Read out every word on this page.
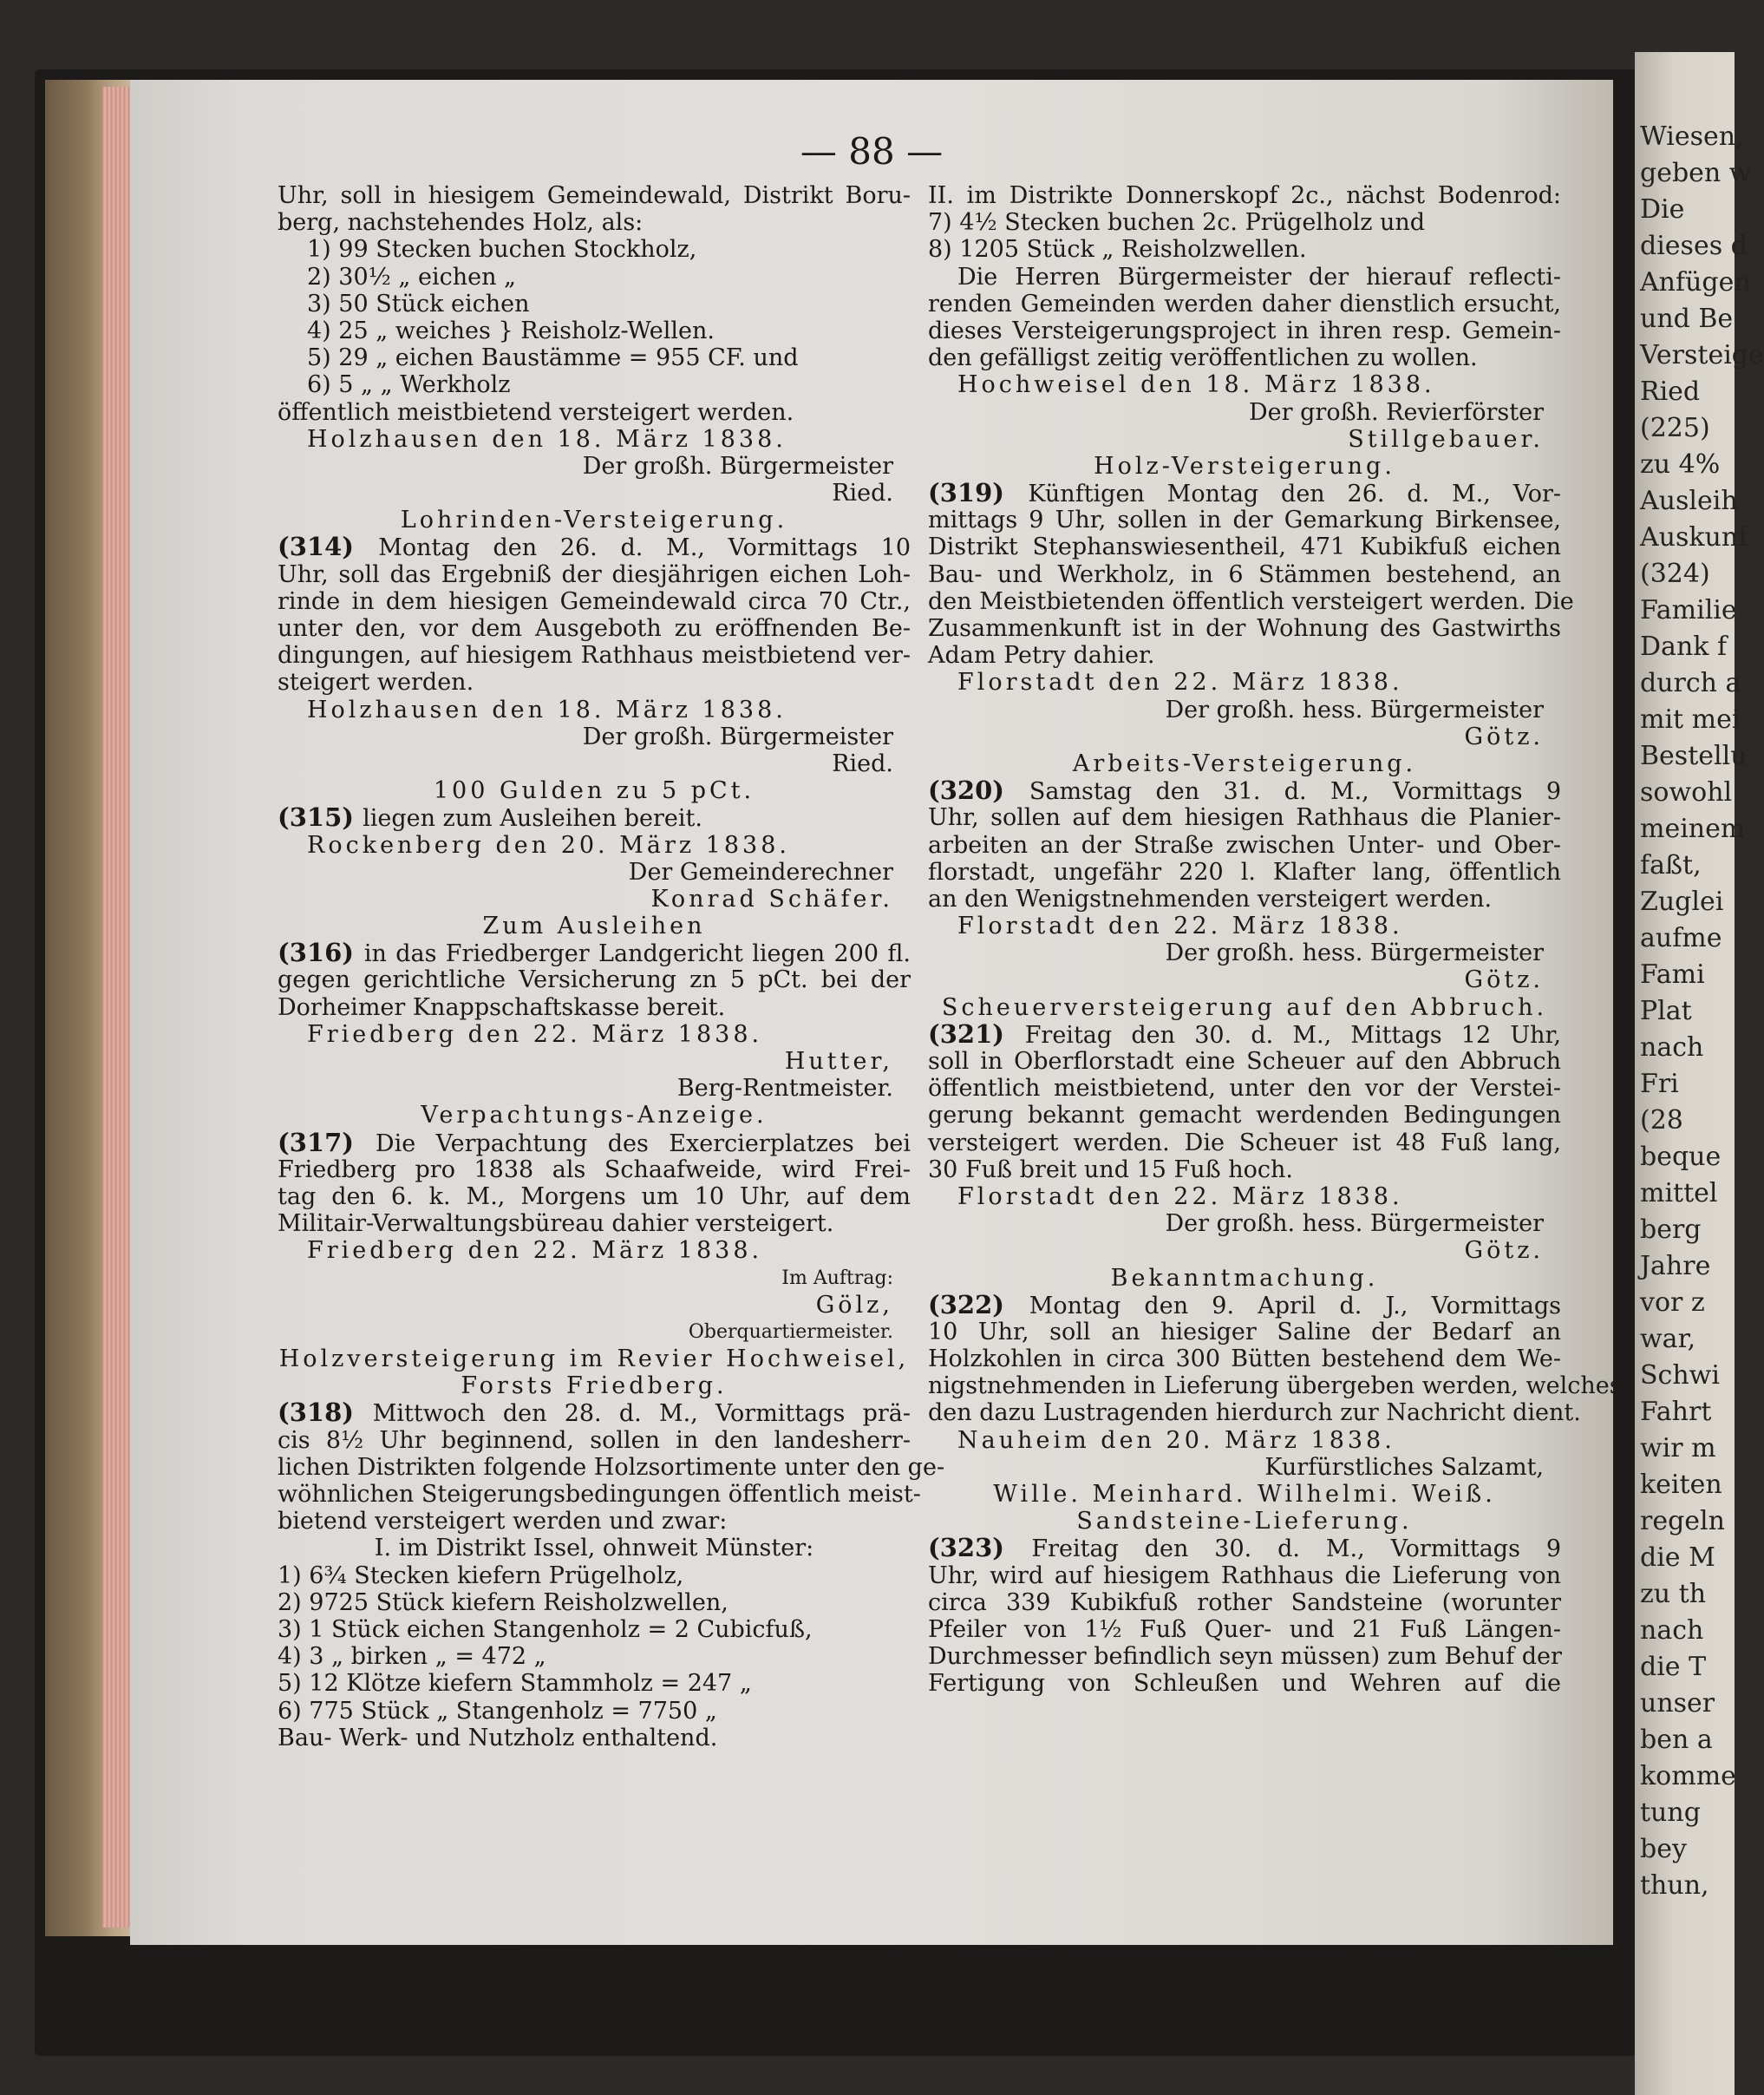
— 88 —
Uhr, soll in hiesigem Gemeindewald, Distrikt Boru-
berg, nachstehendes Holz, als:
1) 99 Stecken buchen Stockholz,
2) 30½ „ eichen „
3) 50 Stück eichen
4) 25 „ weiches } Reisholz-Wellen.
5) 29 „ eichen Baustämme = 955 CF. und
6) 5 „ „ Werkholz
öffentlich meistbietend versteigert werden.
Holzhausen den 18. März 1838.
Der großh. Bürgermeister
Ried.
Lohrinden-Versteigerung.
(314) Montag den 26. d. M., Vormittags 10
Uhr, soll das Ergebniß der diesjährigen eichen Loh-
rinde in dem hiesigen Gemeindewald circa 70 Ctr.,
unter den, vor dem Ausgeboth zu eröffnenden Be-
dingungen, auf hiesigem Rathhaus meistbietend ver-
steigert werden.
Holzhausen den 18. März 1838.
Der großh. Bürgermeister
Ried.
100 Gulden zu 5 pCt.
(315) liegen zum Ausleihen bereit.
Rockenberg den 20. März 1838.
Der Gemeinderechner
Konrad Schäfer.
Zum Ausleihen
(316) in das Friedberger Landgericht liegen 200 fl.
gegen gerichtliche Versicherung zn 5 pCt. bei der
Dorheimer Knappschaftskasse bereit.
Friedberg den 22. März 1838.
Hutter,
Berg-Rentmeister.
Verpachtungs-Anzeige.
(317) Die Verpachtung des Exercierplatzes bei
Friedberg pro 1838 als Schaafweide, wird Frei-
tag den 6. k. M., Morgens um 10 Uhr, auf dem
Militair-Verwaltungsbüreau dahier versteigert.
Friedberg den 22. März 1838.
Im Auftrag:
Gölz,
Oberquartiermeister.
Holzversteigerung im Revier Hochweisel,
Forsts Friedberg.
(318) Mittwoch den 28. d. M., Vormittags prä-
cis 8½ Uhr beginnend, sollen in den landesherr-
lichen Distrikten folgende Holzsortimente unter den ge-
wöhnlichen Steigerungsbedingungen öffentlich meist-
bietend versteigert werden und zwar:
I. im Distrikt Issel, ohnweit Münster:
1) 6¾ Stecken kiefern Prügelholz,
2) 9725 Stück kiefern Reisholzwellen,
3) 1 Stück eichen Stangenholz = 2 Cubicfuß,
4) 3 „ birken „ = 472 „
5) 12 Klötze kiefern Stammholz = 247 „
6) 775 Stück „ Stangenholz = 7750 „
Bau- Werk- und Nutzholz enthaltend.
II. im Distrikte Donnerskopf 2c., nächst Bodenrod:
7) 4½ Stecken buchen 2c. Prügelholz und
8) 1205 Stück „ Reisholzwellen.
Die Herren Bürgermeister der hierauf reflecti-
renden Gemeinden werden daher dienstlich ersucht,
dieses Versteigerungsproject in ihren resp. Gemein-
den gefälligst zeitig veröffentlichen zu wollen.
Hochweisel den 18. März 1838.
Der großh. Revierförster
Stillgebauer.
Holz-Versteigerung.
(319) Künftigen Montag den 26. d. M., Vor-
mittags 9 Uhr, sollen in der Gemarkung Birkensee,
Distrikt Stephanswiesentheil, 471 Kubikfuß eichen
Bau- und Werkholz, in 6 Stämmen bestehend, an
den Meistbietenden öffentlich versteigert werden. Die
Zusammenkunft ist in der Wohnung des Gastwirths
Adam Petry dahier.
Florstadt den 22. März 1838.
Der großh. hess. Bürgermeister
Götz.
Arbeits-Versteigerung.
(320) Samstag den 31. d. M., Vormittags 9
Uhr, sollen auf dem hiesigen Rathhaus die Planier-
arbeiten an der Straße zwischen Unter- und Ober-
florstadt, ungefähr 220 l. Klafter lang, öffentlich
an den Wenigstnehmenden versteigert werden.
Florstadt den 22. März 1838.
Der großh. hess. Bürgermeister
Götz.
Scheuerversteigerung auf den Abbruch.
(321) Freitag den 30. d. M., Mittags 12 Uhr,
soll in Oberflorstadt eine Scheuer auf den Abbruch
öffentlich meistbietend, unter den vor der Verstei-
gerung bekannt gemacht werdenden Bedingungen
versteigert werden. Die Scheuer ist 48 Fuß lang,
30 Fuß breit und 15 Fuß hoch.
Florstadt den 22. März 1838.
Der großh. hess. Bürgermeister
Götz.
Bekanntmachung.
(322) Montag den 9. April d. J., Vormittags
10 Uhr, soll an hiesiger Saline der Bedarf an
Holzkohlen in circa 300 Bütten bestehend dem We-
nigstnehmenden in Lieferung übergeben werden, welches
den dazu Lustragenden hierdurch zur Nachricht dient.
Nauheim den 20. März 1838.
Kurfürstliches Salzamt,
Wille. Meinhard. Wilhelmi. Weiß.
Sandsteine-Lieferung.
(323) Freitag den 30. d. M., Vormittags 9
Uhr, wird auf hiesigem Rathhaus die Lieferung von
circa 339 Kubikfuß rother Sandsteine (worunter
Pfeiler von 1½ Fuß Quer- und 21 Fuß Längen-
Durchmesser befindlich seyn müssen) zum Behuf der
Fertigung von Schleußen und Wehren auf die
Wiesen,
geben w
Die
dieses d
Anfügen
und Be
Versteige
Ried
(225)
zu 4%
Ausleih
Auskunf
(324)
Familie
Dank f
durch a
mit mei
Bestellu
sowohl
meinem
faßt,
Zuglei
aufme
Fami
Plat
nach
Fri
(28
beque
mittel
berg
Jahre
vor z
war,
Schwi
Fahrt
wir m
keiten
regeln
die M
zu th
nach
die T
unser
ben a
komme
tung
bey
thun,
